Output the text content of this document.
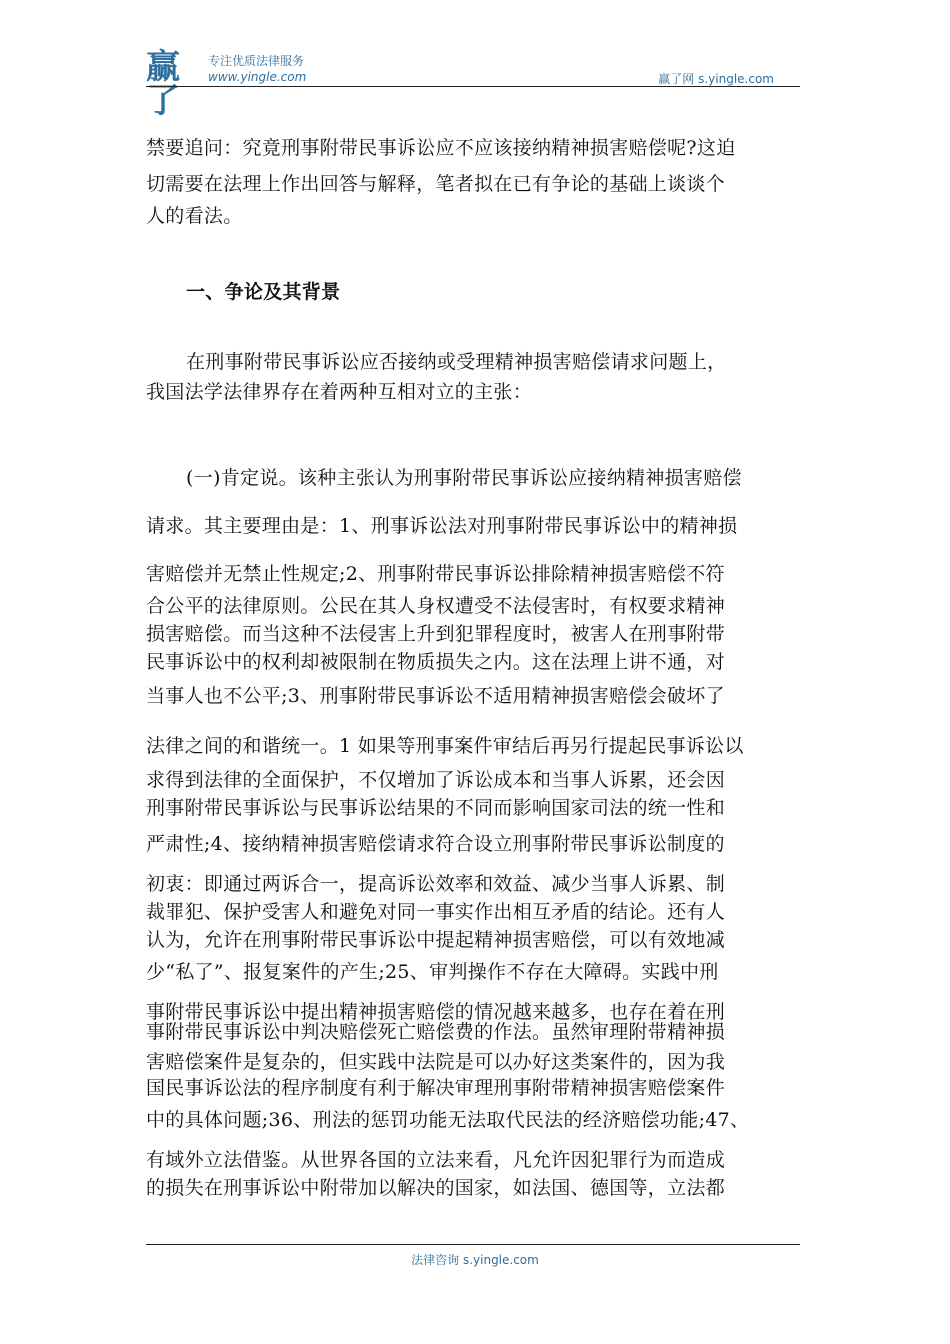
赢了
专注优质法律服务
www.yingle.com	赢了网 s.yingle.com
禁要追问：究竟刑事附带民事诉讼应不应该接纳精神损害赔偿呢?这迫
切需要在法理上作出回答与解释，笔者拟在已有争论的基础上谈谈个
人的看法。
一、争论及其背景
在刑事附带民事诉讼应否接纳或受理精神损害赔偿请求问题上，
我国法学法律界存在着两种互相对立的主张：
(一)肯定说。该种主张认为刑事附带民事诉讼应接纳精神损害赔偿
请求。其主要理由是：1、刑事诉讼法对刑事附带民事诉讼中的精神损
害赔偿并无禁止性规定;2、刑事附带民事诉讼排除精神损害赔偿不符
合公平的法律原则。公民在其人身权遭受不法侵害时，有权要求精神
损害赔偿。而当这种不法侵害上升到犯罪程度时，被害人在刑事附带
民事诉讼中的权利却被限制在物质损失之内。这在法理上讲不通，对
当事人也不公平;3、刑事附带民事诉讼不适用精神损害赔偿会破坏了
法律之间的和谐统一。1 如果等刑事案件审结后再另行提起民事诉讼以
求得到法律的全面保护，不仅增加了诉讼成本和当事人诉累，还会因
刑事附带民事诉讼与民事诉讼结果的不同而影响国家司法的统一性和
严肃性;4、接纳精神损害赔偿请求符合设立刑事附带民事诉讼制度的
初衷：即通过两诉合一，提高诉讼效率和效益、减少当事人诉累、制
裁罪犯、保护受害人和避免对同一事实作出相互矛盾的结论。还有人
认为，允许在刑事附带民事诉讼中提起精神损害赔偿，可以有效地减
少“私了”、报复案件的产生;25、审判操作不存在大障碍。实践中刑
事附带民事诉讼中提出精神损害赔偿的情况越来越多，也存在着在刑
事附带民事诉讼中判决赔偿死亡赔偿费的作法。虽然审理附带精神损
害赔偿案件是复杂的，但实践中法院是可以办好这类案件的，因为我
国民事诉讼法的程序制度有利于解决审理刑事附带精神损害赔偿案件
中的具体问题;36、刑法的惩罚功能无法取代民法的经济赔偿功能;47、
有域外立法借鉴。从世界各国的立法来看，凡允许因犯罪行为而造成
的损失在刑事诉讼中附带加以解决的国家，如法国、德国等，立法都
法律咨询 s.yingle.com
